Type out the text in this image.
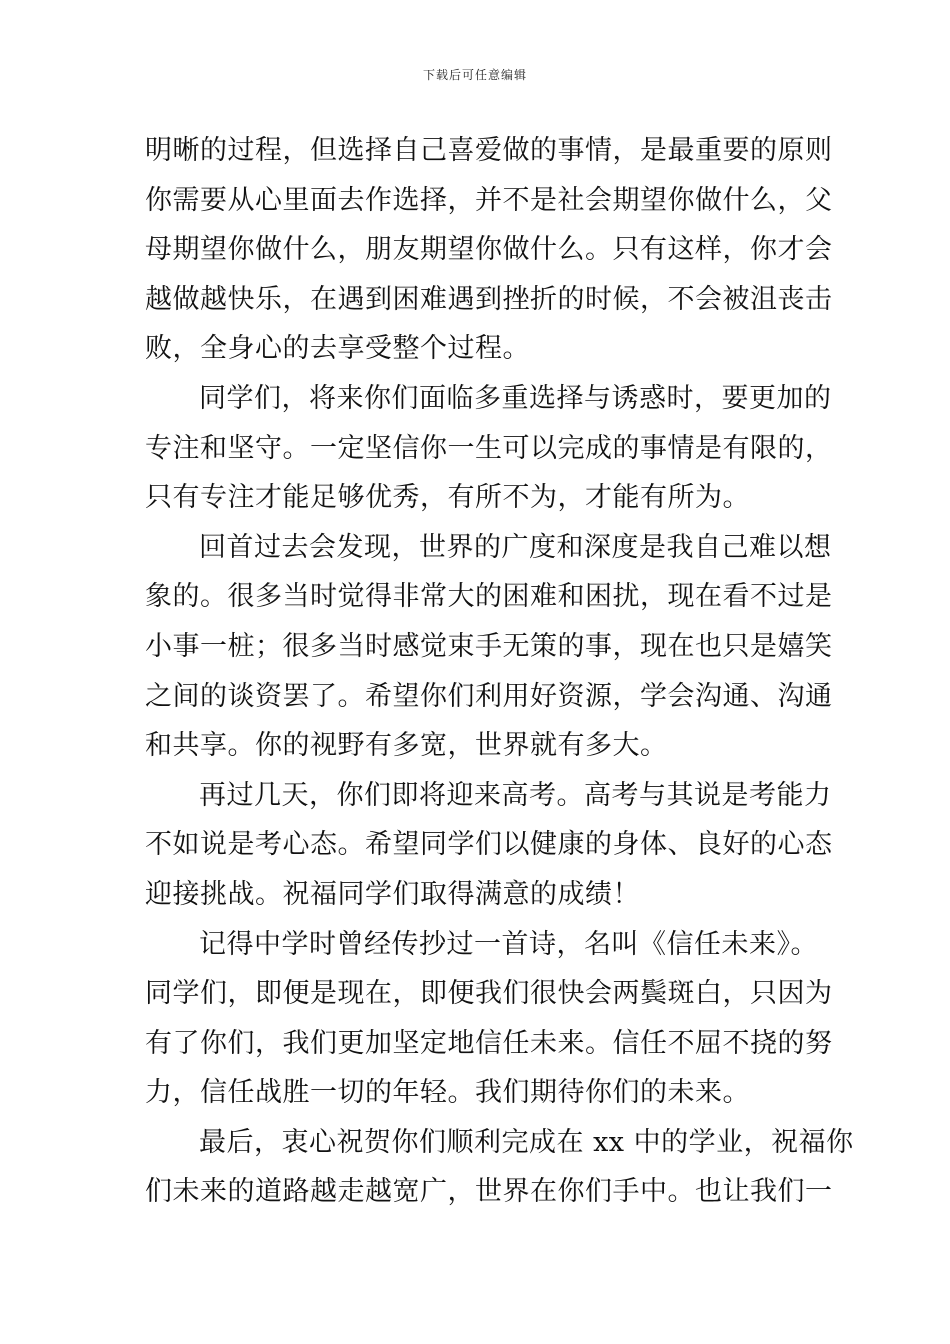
下载后可任意编辑
明晰的过程，但选择自己喜爱做的事情，是最重要的原则
你需要从心里面去作选择，并不是社会期望你做什么，父
母期望你做什么，朋友期望你做什么。只有这样，你才会
越做越快乐，在遇到困难遇到挫折的时候，不会被沮丧击
败，全身心的去享受整个过程。
同学们，将来你们面临多重选择与诱惑时，要更加的
专注和坚守。一定坚信你一生可以完成的事情是有限的，
只有专注才能足够优秀，有所不为，才能有所为。
回首过去会发现，世界的广度和深度是我自己难以想
象的。很多当时觉得非常大的困难和困扰，现在看不过是
小事一桩；很多当时感觉束手无策的事，现在也只是嬉笑
之间的谈资罢了。希望你们利用好资源，学会沟通、沟通
和共享。你的视野有多宽，世界就有多大。
再过几天，你们即将迎来高考。高考与其说是考能力
不如说是考心态。希望同学们以健康的身体、良好的心态
迎接挑战。祝福同学们取得满意的成绩！
记得中学时曾经传抄过一首诗，名叫《信任未来》。
同学们，即便是现在，即便我们很快会两鬓斑白，只因为
有了你们，我们更加坚定地信任未来。信任不屈不挠的努
力，信任战胜一切的年轻。我们期待你们的未来。
最后，衷心祝贺你们顺利完成在 xx 中的学业，祝福你
们未来的道路越走越宽广，世界在你们手中。也让我们一
